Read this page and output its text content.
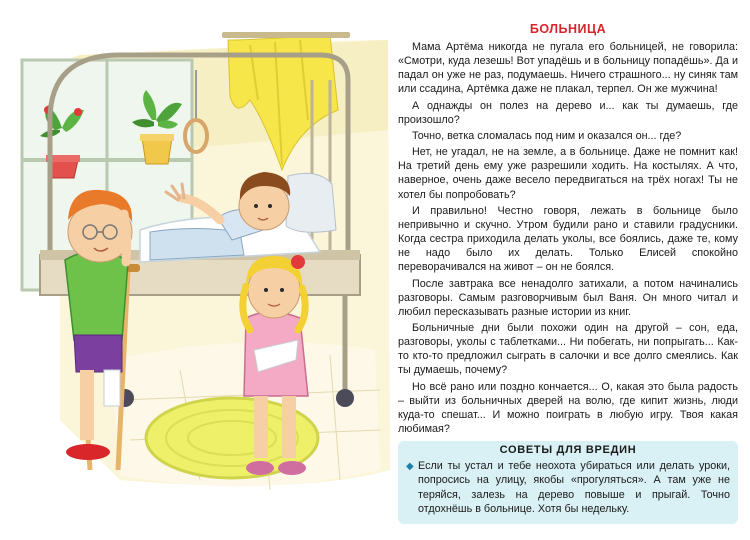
БОЛЬНИЦА

Мама Артёма никогда не пугала его больницей, не говорила: «Смотри, куда лезешь! Вот упадёшь и в больницу попадёшь». Да и падал он уже не раз, подумаешь. Ничего страшного... ну синяк там или ссадина, Артёмка даже не плакал, терпел. Он же мужчина!

А однажды он полез на дерево и... как ты думаешь, где произошло?

Точно, ветка сломалась под ним и оказался он... где?

Нет, не угадал, не на земле, а в больнице. Даже не помнит как! На третий день ему уже разрешили ходить. На костылях. А что, наверное, очень даже весело передвигаться на трёх ногах! Ты не хотел бы попробовать?

И правильно! Честно говоря, лежать в больнице было непривычно и скучно. Утром будили рано и ставили градусники. Когда сестра приходила делать уколы, все боялись, даже те, кому не надо было их делать. Только Елисей спокойно переворачивался на живот – он не боялся.

После завтрака все ненадолго затихали, а потом начинались разговоры. Самым разговорчивым был Ваня. Он много читал и любил пересказывать разные истории из книг.

Больничные дни были похожи один на другой – сон, еда, разговоры, уколы с таблетками... Ни побегать, ни попрыгать... Как-то кто-то предложил сыграть в салочки и все долго смеялись. Как ты думаешь, почему?

Но всё рано или поздно кончается... О, какая это была радость – выйти из больничных дверей на волю, где кипит жизнь, люди куда-то спешат... И можно поиграть в любую игру. Твоя какая любимая?

СОВЕТЫ ДЛЯ ВРЕДИН
◆ Если ты устал и тебе неохота убираться или делать уроки, попросись на улицу, якобы «прогуляться». А там уже не теряйся, залезь на дерево повыше и прыгай. Точно отдохнёшь в больнице. Хотя бы недельку.
